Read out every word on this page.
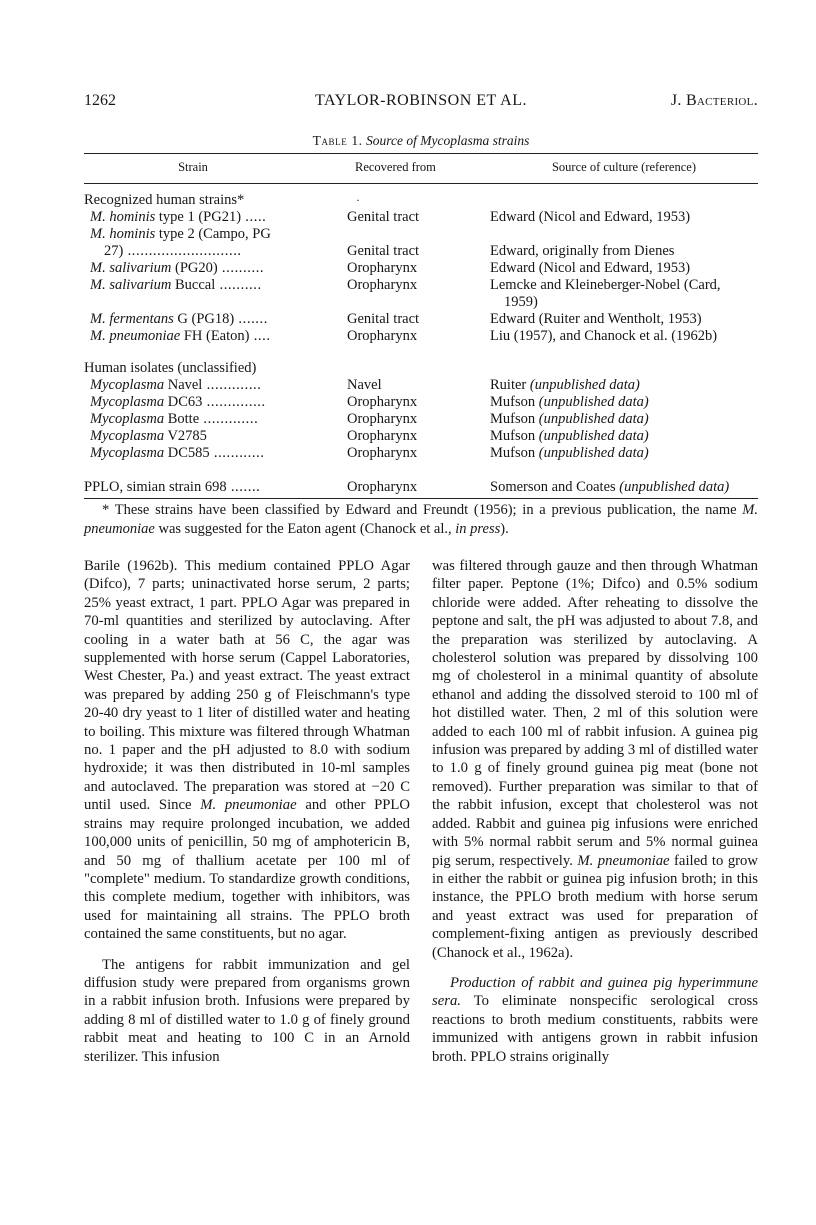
1262	TAYLOR-ROBINSON ET AL.	J. Bacteriol.
Table 1. Source of Mycoplasma strains
Strain	Recovered from	Source of culture (reference)
·
Recognized human strains*
M. hominis type 1 (PG21) .....	Genital tract	Edward (Nicol and Edward, 1953)
M. hominis type 2 (Campo, PG
27) ...........................	Genital tract	Edward, originally from Dienes
M. salivarium (PG20) ..........	Oropharynx	Edward (Nicol and Edward, 1953)
M. salivarium Buccal ..........	Oropharynx	Lemcke and Kleineberger-Nobel (Card,
1959)
M. fermentans G (PG18) .......	Genital tract	Edward (Ruiter and Wentholt, 1953)
M. pneumoniae FH (Eaton) ....	Oropharynx	Liu (1957), and Chanock et al. (1962b)
Human isolates (unclassified)
Mycoplasma Navel .............	Navel	Ruiter (unpublished data)
Mycoplasma DC63 ..............	Oropharynx	Mufson (unpublished data)
Mycoplasma Botte .............	Oropharynx	Mufson (unpublished data)
Mycoplasma V2785	Oropharynx	Mufson (unpublished data)
Mycoplasma DC585 ............	Oropharynx	Mufson (unpublished data)
PPLO, simian strain 698 .......	Oropharynx	Somerson and Coates (unpublished data)
* These strains have been classified by Edward and Freundt (1956); in a previous publication, the name M. pneumoniae was suggested for the Eaton agent (Chanock et al., in press).

Barile (1962b). This medium contained PPLO Agar (Difco), 7 parts; uninactivated horse serum, 2 parts; 25% yeast extract, 1 part. PPLO Agar was prepared in 70-ml quantities and sterilized by autoclaving. After cooling in a water bath at 56 C, the agar was supplemented with horse serum (Cappel Laboratories, West Chester, Pa.) and yeast extract. The yeast extract was prepared by adding 250 g of Fleischmann's type 20-40 dry yeast to 1 liter of distilled water and heating to boiling. This mixture was filtered through Whatman no. 1 paper and the pH adjusted to 8.0 with sodium hydroxide; it was then distributed in 10-ml samples and autoclaved. The preparation was stored at −20 C until used. Since M. pneumoniae and other PPLO strains may require prolonged incubation, we added 100,000 units of penicillin, 50 mg of amphotericin B, and 50 mg of thallium acetate per 100 ml of "complete" medium. To standardize growth conditions, this complete medium, together with inhibitors, was used for maintaining all strains. The PPLO broth contained the same constituents, but no agar.

The antigens for rabbit immunization and gel diffusion study were prepared from organisms grown in a rabbit infusion broth. Infusions were prepared by adding 8 ml of distilled water to 1.0 g of finely ground rabbit meat and heating to 100 C in an Arnold sterilizer. This infusion

was filtered through gauze and then through Whatman filter paper. Peptone (1%; Difco) and 0.5% sodium chloride were added. After reheating to dissolve the peptone and salt, the pH was adjusted to about 7.8, and the preparation was sterilized by autoclaving. A cholesterol solution was prepared by dissolving 100 mg of cholesterol in a minimal quantity of absolute ethanol and adding the dissolved steroid to 100 ml of hot distilled water. Then, 2 ml of this solution were added to each 100 ml of rabbit infusion. A guinea pig infusion was prepared by adding 3 ml of distilled water to 1.0 g of finely ground guinea pig meat (bone not removed). Further preparation was similar to that of the rabbit infusion, except that cholesterol was not added. Rabbit and guinea pig infusions were enriched with 5% normal rabbit serum and 5% normal guinea pig serum, respectively. M. pneumoniae failed to grow in either the rabbit or guinea pig infusion broth; in this instance, the PPLO broth medium with horse serum and yeast extract was used for preparation of complement-fixing antigen as previously described (Chanock et al., 1962a).

Production of rabbit and guinea pig hyperimmune sera. To eliminate nonspecific serological cross reactions to broth medium constituents, rabbits were immunized with antigens grown in rabbit infusion broth. PPLO strains originally
